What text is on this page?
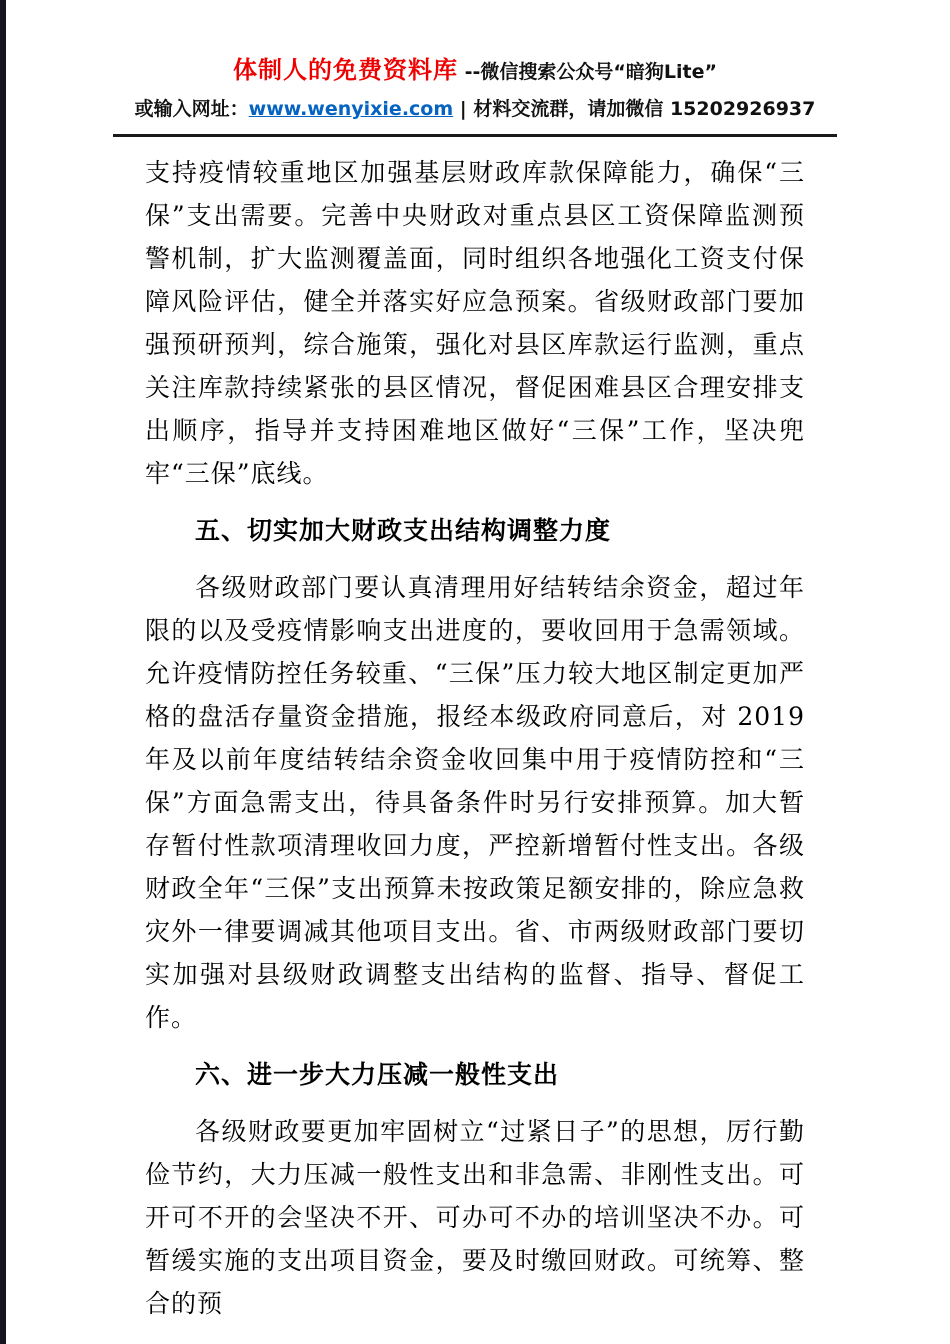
体制人的免费资料库 --微信搜索公众号“暗狗Lite”
或输入网址：www.wenyixie.com | 材料交流群，请加微信 15202926937

支持疫情较重地区加强基层财政库款保障能力，确保“三保”支出需要。完善中央财政对重点县区工资保障监测预警机制，扩大监测覆盖面，同时组织各地强化工资支付保障风险评估，健全并落实好应急预案。省级财政部门要加强预研预判，综合施策，强化对县区库款运行监测，重点关注库款持续紧张的县区情况，督促困难县区合理安排支出顺序，指导并支持困难地区做好“三保”工作，坚决兜牢“三保”底线。

五、切实加大财政支出结构调整力度

各级财政部门要认真清理用好结转结余资金，超过年限的以及受疫情影响支出进度的，要收回用于急需领域。允许疫情防控任务较重、“三保”压力较大地区制定更加严格的盘活存量资金措施，报经本级政府同意后，对 2019 年及以前年度结转结余资金收回集中用于疫情防控和“三保”方面急需支出，待具备条件时另行安排预算。加大暂存暂付性款项清理收回力度，严控新增暂付性支出。各级财政全年“三保”支出预算未按政策足额安排的，除应急救灾外一律要调减其他项目支出。省、市两级财政部门要切实加强对县级财政调整支出结构的监督、指导、督促工作。

六、进一步大力压减一般性支出

各级财政要更加牢固树立“过紧日子”的思想，厉行勤俭节约，大力压减一般性支出和非急需、非刚性支出。可开可不开的会坚决不开、可办可不办的培训坚决不办。可暂缓实施的支出项目资金，要及时缴回财政。可统筹、整合的预
